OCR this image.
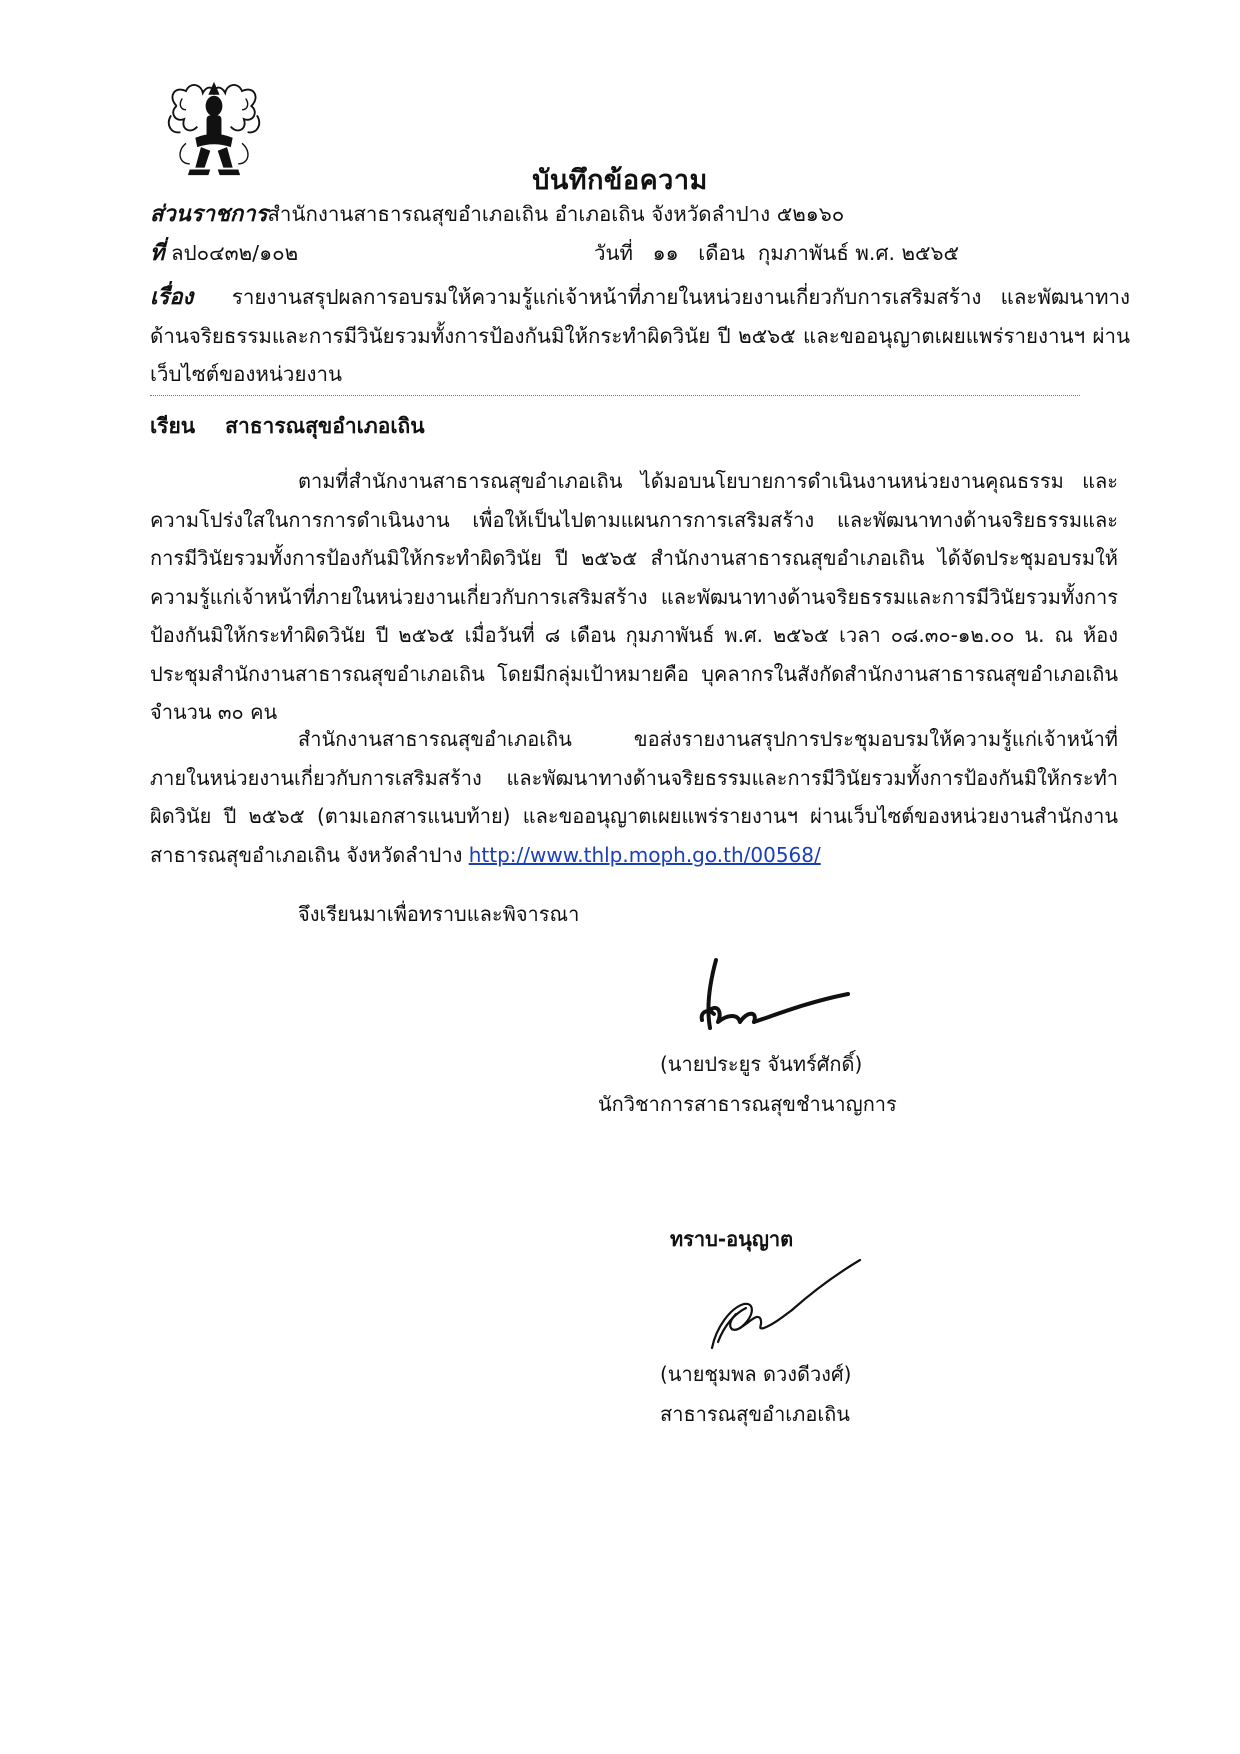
บันทึกข้อความ
ส่วนราชการสำนักงานสาธารณสุขอำเภอเถิน อำเภอเถิน จังหวัดลำปาง ๕๒๑๖๐
ที่ ลป๐๔๓๒/๑๐๒	วันที่ ๑๑ เดือน กุมภาพันธ์ พ.ศ. ๒๕๖๕
เรื่อง รายงานสรุปผลการอบรมให้ความรู้แก่เจ้าหน้าที่ภายในหน่วยงานเกี่ยวกับการเสริมสร้าง และพัฒนาทางด้านจริยธรรมและการมีวินัยรวมทั้งการป้องกันมิให้กระทำผิดวินัย ปี ๒๕๖๕ และขออนุญาตเผยแพร่รายงานฯ ผ่านเว็บไซต์ของหน่วยงาน
เรียน สาธารณสุขอำเภอเถิน
ตามที่สำนักงานสาธารณสุขอำเภอเถิน ได้มอบนโยบายการดำเนินงานหน่วยงานคุณธรรม และความโปร่งใสในการการดำเนินงาน เพื่อให้เป็นไปตามแผนการการเสริมสร้าง และพัฒนาทางด้านจริยธรรมและการมีวินัยรวมทั้งการป้องกันมิให้กระทำผิดวินัย ปี ๒๕๖๕ สำนักงานสาธารณสุขอำเภอเถิน ได้จัดประชุมอบรมให้ความรู้แก่เจ้าหน้าที่ภายในหน่วยงานเกี่ยวกับการเสริมสร้าง และพัฒนาทางด้านจริยธรรมและการมีวินัยรวมทั้งการป้องกันมิให้กระทำผิดวินัย ปี ๒๕๖๕ เมื่อวันที่ ๘ เดือน กุมภาพันธ์ พ.ศ. ๒๕๖๕ เวลา ๐๘.๓๐-๑๒.๐๐ น. ณ ห้องประชุมสำนักงานสาธารณสุขอำเภอเถิน โดยมีกลุ่มเป้าหมายคือ บุคลากรในสังกัดสำนักงานสาธารณสุขอำเภอเถิน จำนวน ๓๐ คน
สำนักงานสาธารณสุขอำเภอเถิน ขอส่งรายงานสรุปการประชุมอบรมให้ความรู้แก่เจ้าหน้าที่ภายในหน่วยงานเกี่ยวกับการเสริมสร้าง และพัฒนาทางด้านจริยธรรมและการมีวินัยรวมทั้งการป้องกันมิให้กระทำผิดวินัย ปี ๒๕๖๕ (ตามเอกสารแนบท้าย) และขออนุญาตเผยแพร่รายงานฯ ผ่านเว็บไซต์ของหน่วยงานสำนักงานสาธารณสุขอำเภอเถิน จังหวัดลำปาง http://www.thlp.moph.go.th/00568/
จึงเรียนมาเพื่อทราบและพิจารณา
(นายประยูร จันทร์ศักดิ์)
นักวิชาการสาธารณสุขชำนาญการ
ทราบ-อนุญาต
(นายชุมพล ดวงดีวงศ์)
สาธารณสุขอำเภอเถิน
